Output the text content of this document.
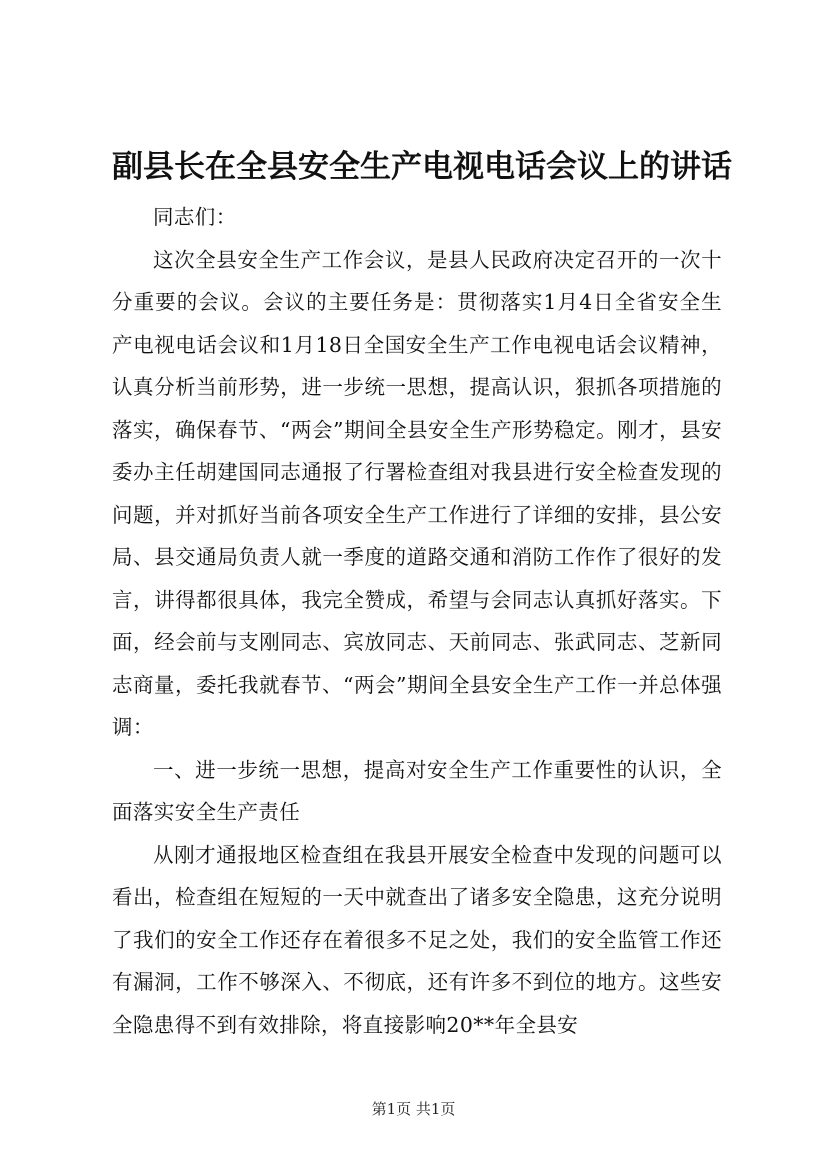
副县长在全县安全生产电视电话会议上的讲话

同志们：

这次全县安全生产工作会议，是县人民政府决定召开的一次十分重要的会议。会议的主要任务是：贯彻落实1月4日全省安全生产电视电话会议和1月18日全国安全生产工作电视电话会议精神，认真分析当前形势，进一步统一思想，提高认识，狠抓各项措施的落实，确保春节、“两会”期间全县安全生产形势稳定。刚才，县安委办主任胡建国同志通报了行署检查组对我县进行安全检查发现的问题，并对抓好当前各项安全生产工作进行了详细的安排，县公安局、县交通局负责人就一季度的道路交通和消防工作作了很好的发言，讲得都很具体，我完全赞成，希望与会同志认真抓好落实。下面，经会前与支刚同志、宾放同志、天前同志、张武同志、芝新同志商量，委托我就春节、“两会”期间全县安全生产工作一并总体强调：

一、进一步统一思想，提高对安全生产工作重要性的认识，全面落实安全生产责任

从刚才通报地区检查组在我县开展安全检查中发现的问题可以看出，检查组在短短的一天中就查出了诸多安全隐患，这充分说明了我们的安全工作还存在着很多不足之处，我们的安全监管工作还有漏洞，工作不够深入、不彻底，还有许多不到位的地方。这些安全隐患得不到有效排除，将直接影响20**年全县安

第1页 共1页
